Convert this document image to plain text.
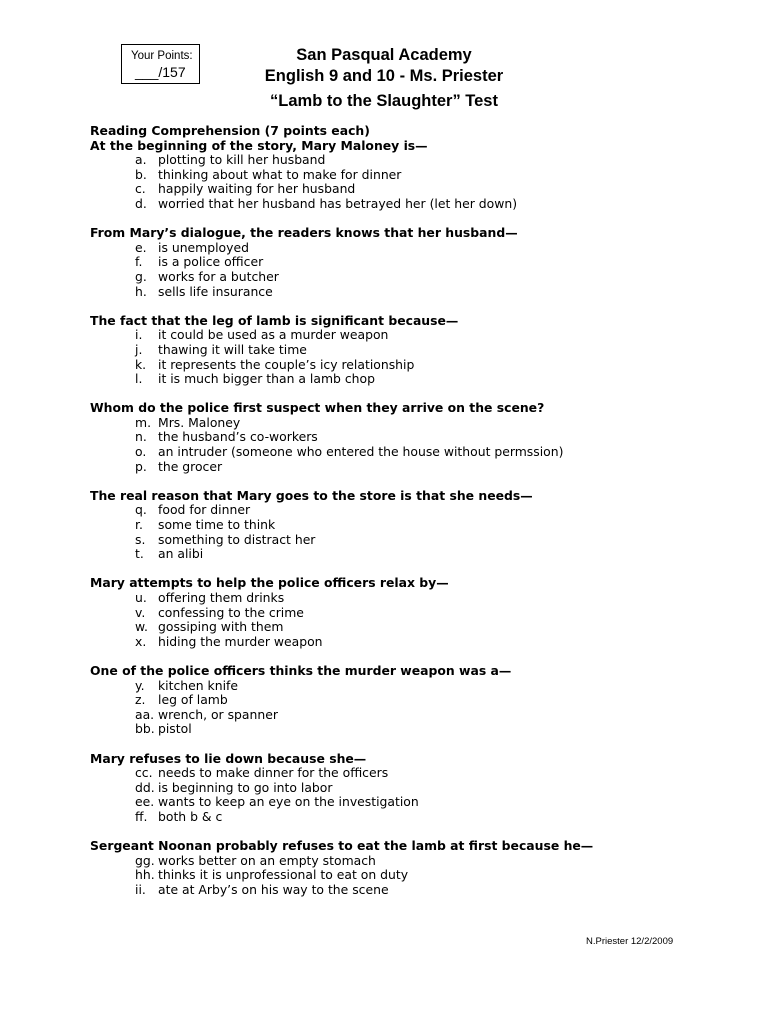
Your Points:
___/157
San Pasqual Academy
English 9 and 10 - Ms. Priester
“Lamb to the Slaughter” Test
Reading Comprehension (7 points each)
At the beginning of the story, Mary Maloney is—
a. plotting to kill her husband
b. thinking about what to make for dinner
c. happily waiting for her husband
d. worried that her husband has betrayed her (let her down)
From Mary’s dialogue, the readers knows that her husband—
e. is unemployed
f. is a police officer
g. works for a butcher
h. sells life insurance
The fact that the leg of lamb is significant because—
i. it could be used as a murder weapon
j. thawing it will take time
k. it represents the couple’s icy relationship
l. it is much bigger than a lamb chop
Whom do the police first suspect when they arrive on the scene?
m. Mrs. Maloney
n. the husband’s co-workers
o. an intruder (someone who entered the house without permssion)
p. the grocer
The real reason that Mary goes to the store is that she needs—
q. food for dinner
r. some time to think
s. something to distract her
t. an alibi
Mary attempts to help the police officers relax by—
u. offering them drinks
v. confessing to the crime
w. gossiping with them
x. hiding the murder weapon
One of the police officers thinks the murder weapon was a—
y. kitchen knife
z. leg of lamb
aa. wrench, or spanner
bb. pistol
Mary refuses to lie down because she—
cc. needs to make dinner for the officers
dd. is beginning to go into labor
ee. wants to keep an eye on the investigation
ff. both b & c
Sergeant Noonan probably refuses to eat the lamb at first because he—
gg. works better on an empty stomach
hh. thinks it is unprofessional to eat on duty
ii. ate at Arby’s on his way to the scene
N.Priester 12/2/2009
